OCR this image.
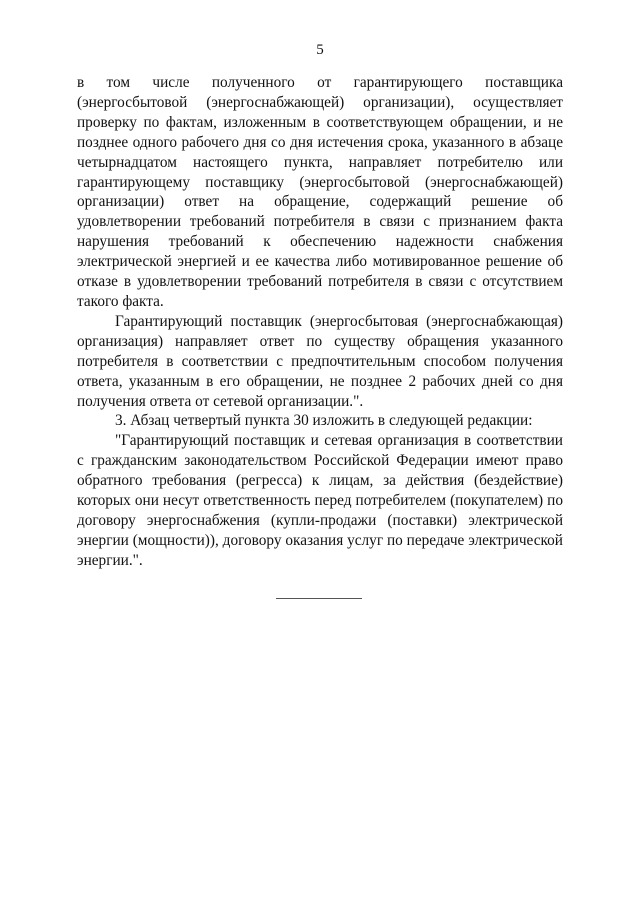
5

в том числе полученного от гарантирующего поставщика (энергосбытовой (энергоснабжающей) организации), осуществляет проверку по фактам, изложенным в соответствующем обращении, и не позднее одного рабочего дня со дня истечения срока, указанного в абзаце четырнадцатом настоящего пункта, направляет потребителю или гарантирующему поставщику (энергосбытовой (энергоснабжающей) организации) ответ на обращение, содержащий решение об удовлетворении требований потребителя в связи с признанием факта нарушения требований к обеспечению надежности снабжения электрической энергией и ее качества либо мотивированное решение об отказе в удовлетворении требований потребителя в связи с отсутствием такого факта.

Гарантирующий поставщик (энергосбытовая (энергоснабжающая) организация) направляет ответ по существу обращения указанного потребителя в соответствии с предпочтительным способом получения ответа, указанным в его обращении, не позднее 2 рабочих дней со дня получения ответа от сетевой организации.".

3. Абзац четвертый пункта 30 изложить в следующей редакции:

"Гарантирующий поставщик и сетевая организация в соответствии с гражданским законодательством Российской Федерации имеют право обратного требования (регресса) к лицам, за действия (бездействие) которых они несут ответственность перед потребителем (покупателем) по договору энергоснабжения (купли-продажи (поставки) электрической энергии (мощности)), договору оказания услуг по передаче электрической энергии.".
